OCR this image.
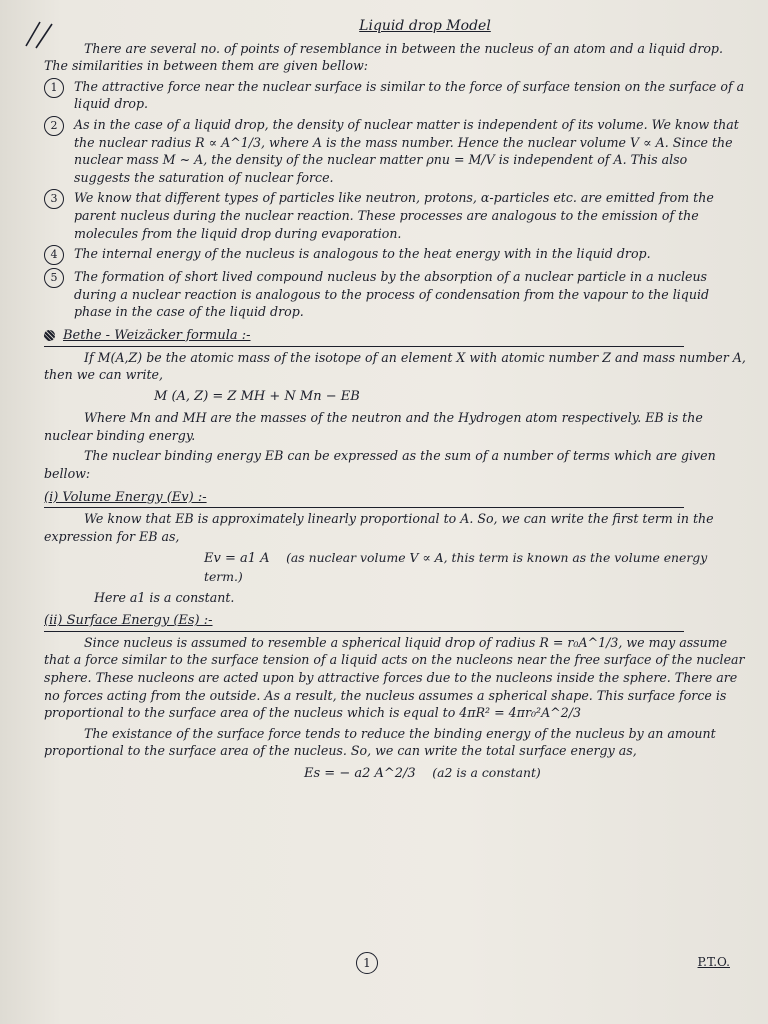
Liquid drop Model

There are several no. of points of resemblance in between the nucleus of an atom and a liquid drop. The similarities in between them are given bellow:

1	The attractive force near the nuclear surface is similar to the force of surface tension on the surface of a liquid drop.
2	As in the case of a liquid drop, the density of nuclear matter is independent of its volume. We know that the nuclear radius R ∝ A^1/3, where A is the mass number. Hence the nuclear volume V ∝ A. Since the nuclear mass M ~ A, the density of the nuclear matter ρnu = M/V is independent of A. This also suggests the saturation of nuclear force.
3	We know that different types of particles like neutron, protons, α-particles etc. are emitted from the parent nucleus during the nuclear reaction. These processes are analogous to the emission of the molecules from the liquid drop during evaporation.
4	The internal energy of the nucleus is analogous to the heat energy with in the liquid drop.
5	The formation of short lived compound nucleus by the absorption of a nuclear particle in a nucleus during a nuclear reaction is analogous to the process of condensation from the vapour to the liquid phase in the case of the liquid drop.
Bethe - Weizäcker formula :-

If M(A,Z) be the atomic mass of the isotope of an element X with atomic number Z and mass number A, then we can write,

M (A, Z) = Z MH + N Mn − EB

Where Mn and MH are the masses of the neutron and the Hydrogen atom respectively. EB is the nuclear binding energy.

The nuclear binding energy EB can be expressed as the sum of a number of terms which are given bellow:

(i) Volume Energy (Ev) :-

We know that EB is approximately linearly proportional to A. So, we can write the first term in the expression for EB as,

Ev = a1 A (as nuclear volume V ∝ A, this term is known as the volume energy term.)

Here a1 is a constant.

(ii) Surface Energy (Es) :-

Since nucleus is assumed to resemble a spherical liquid drop of radius R = r₀A^1/3, we may assume that a force similar to the surface tension of a liquid acts on the nucleons near the free surface of the nuclear sphere. These nucleons are acted upon by attractive forces due to the nucleons inside the sphere. There are no forces acting from the outside. As a result, the nucleus assumes a spherical shape. This surface force is proportional to the surface area of the nucleus which is equal to 4πR² = 4πr₀²A^2/3

The existance of the surface force tends to reduce the binding energy of the nucleus by an amount proportional to the surface area of the nucleus. So, we can write the total surface energy as,

Es = − a2 A^2/3 (a2 is a constant)
1	P.T.O.
